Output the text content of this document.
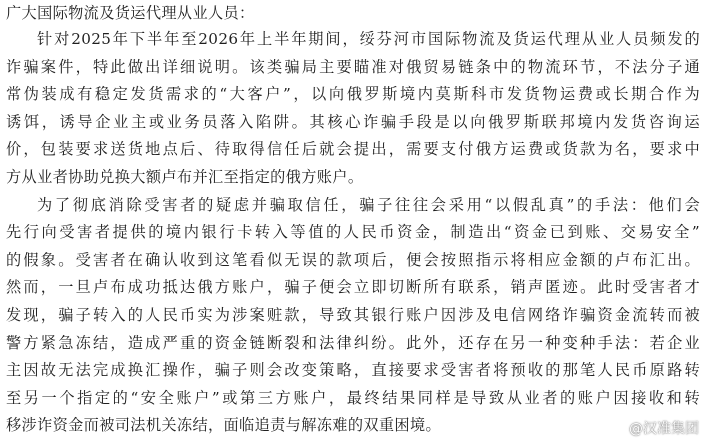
广大国际物流及货运代理从业人员：
针对2025年下半年至2026年上半年期间，绥芬河市国际物流及货运代理从业人员频发的
诈骗案件，特此做出详细说明。该类骗局主要瞄准对俄贸易链条中的物流环节，不法分子通
常伪装成有稳定发货需求的“大客户”，以向俄罗斯境内莫斯科市发货物运费或长期合作为
诱饵，诱导企业主或业务员落入陷阱。其核心诈骗手段是以向俄罗斯联邦境内发货咨询运
价，包装要求送货地点后、待取得信任后就会提出，需要支付俄方运费或货款为名，要求中
方从业者协助兑换大额卢布并汇至指定的俄方账户。
为了彻底消除受害者的疑虑并骗取信任，骗子往往会采用“以假乱真”的手法：他们会
先行向受害者提供的境内银行卡转入等值的人民币资金，制造出“资金已到账、交易安全”
的假象。受害者在确认收到这笔看似无误的款项后，便会按照指示将相应金额的卢布汇出。
然而，一旦卢布成功抵达俄方账户，骗子便会立即切断所有联系，销声匿迹。此时受害者才
发现，骗子转入的人民币实为涉案赃款，导致其银行账户因涉及电信网络诈骗资金流转而被
警方紧急冻结，造成严重的资金链断裂和法律纠纷。此外，还存在另一种变种手法：若企业
主因故无法完成换汇操作，骗子则会改变策略，直接要求受害者将预收的那笔人民币原路转
至另一个指定的“安全账户”或第三方账户，最终结果同样是导致从业者的账户因接收和转
移涉诈资金而被司法机关冻结，面临追责与解冻难的双重困境。	@汉准集团
